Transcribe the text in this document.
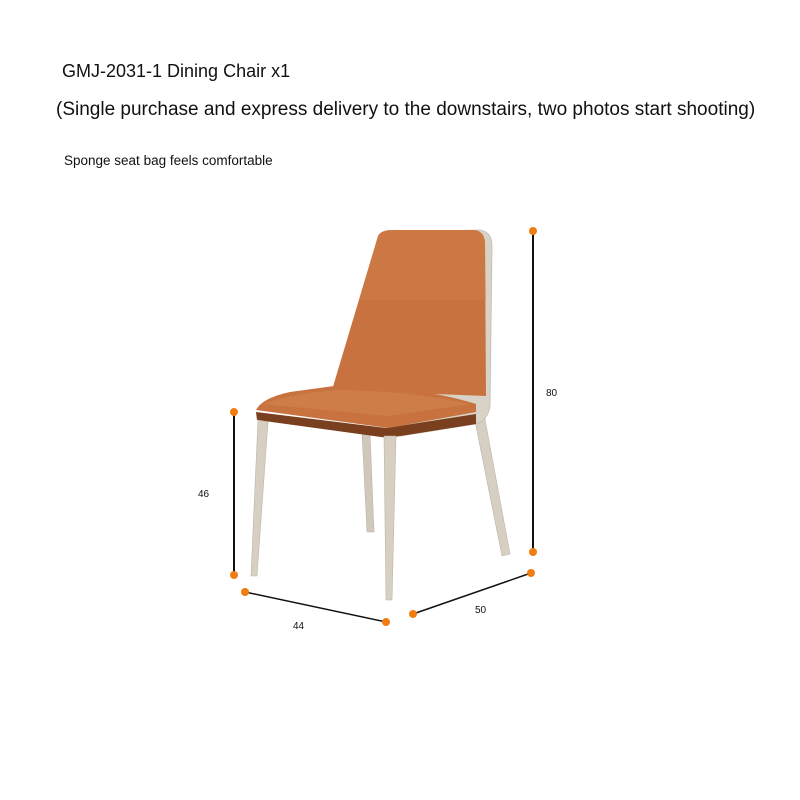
GMJ-2031-1 Dining Chair x1
(Single purchase and express delivery to the downstairs, two photos start shooting)
Sponge seat bag feels comfortable
46
80
44
50
